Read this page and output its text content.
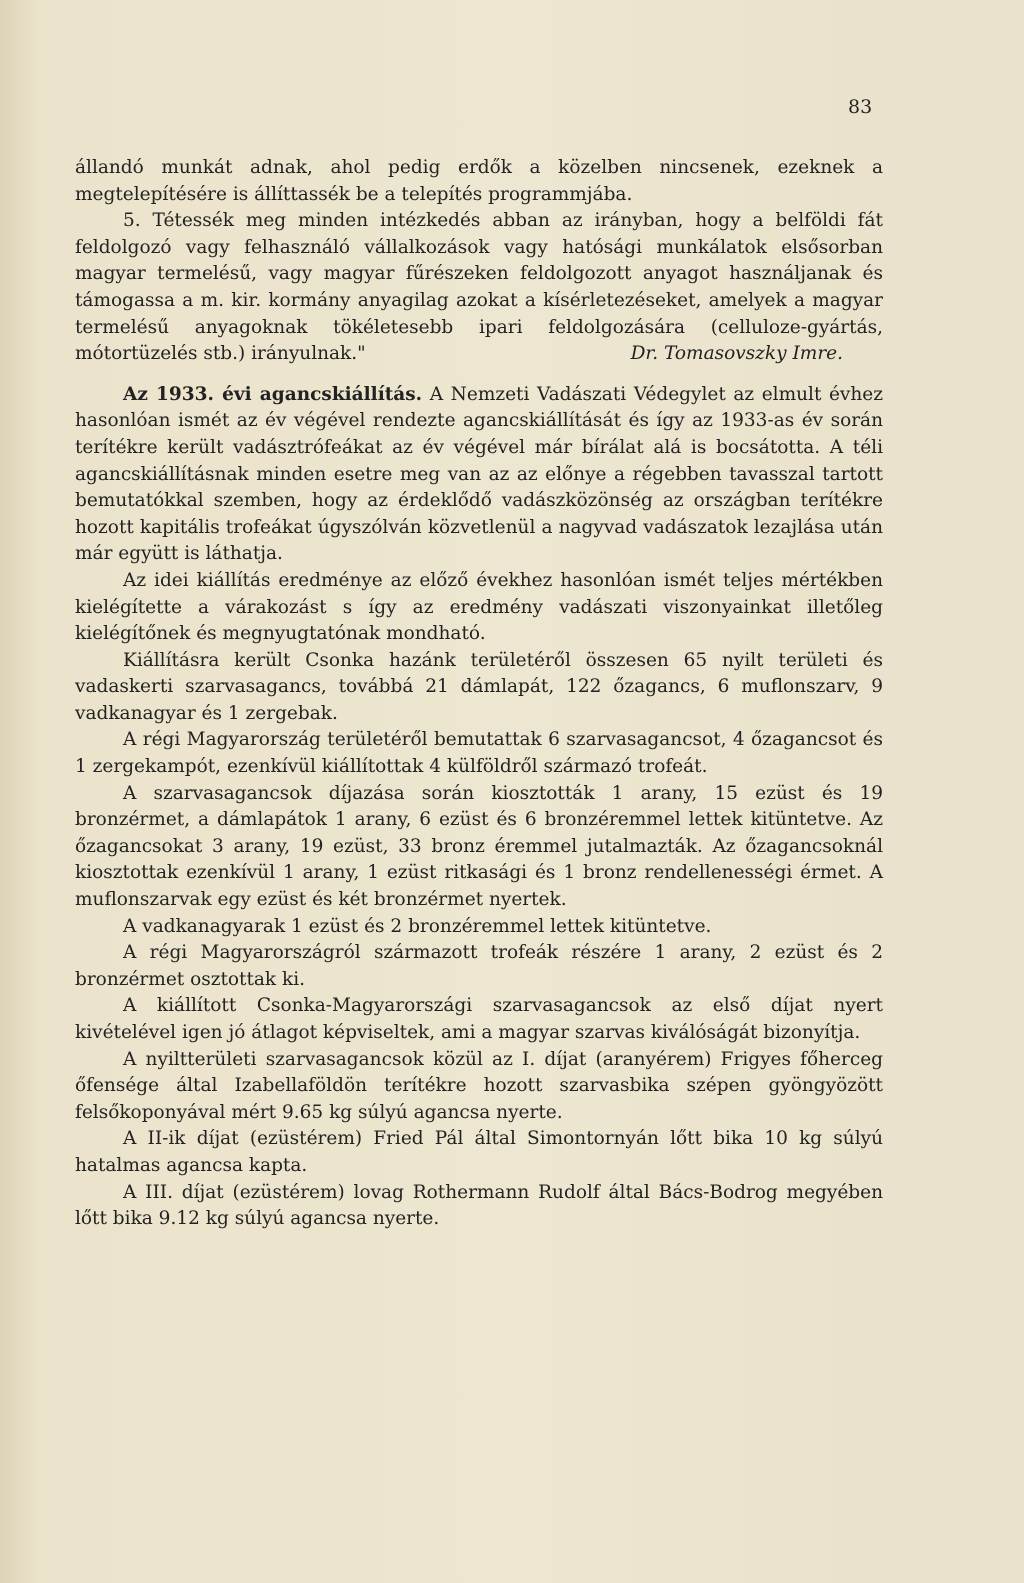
83

állandó munkát adnak, ahol pedig erdők a közelben nincsenek, ezeknek a megtelepítésére is állíttassék be a telepítés programmjába.

5. Tétessék meg minden intézkedés abban az irányban, hogy a belföldi fát feldolgozó vagy felhasználó vállalkozások vagy hatósági munkálatok elsősorban magyar termelésű, vagy magyar fűrészeken feldolgozott anyagot használjanak és támogassa a m. kir. kormány anyagilag azokat a kísérletezéseket, amelyek a magyar termelésű anyagoknak tökéletesebb ipari feldolgozására (celluloze-gyártás, mótortüzelés stb.) irányulnak."	Dr. Tomasovszky Imre.

Az 1933. évi agancskiállítás. A Nemzeti Vadászati Védegylet az elmult évhez hasonlóan ismét az év végével rendezte agancskiállítását és így az 1933-as év során terítékre került vadásztrófeákat az év végével már bírálat alá is bocsátotta. A téli agancskiállításnak minden esetre meg van az az előnye a régebben tavasszal tartott bemutatókkal szemben, hogy az érdeklődő vadászközönség az országban terítékre hozott kapitális trofeákat úgyszólván közvetlenül a nagyvad vadászatok lezajlása után már együtt is láthatja.

Az idei kiállítás eredménye az előző évekhez hasonlóan ismét teljes mértékben kielégítette a várakozást s így az eredmény vadászati viszonyainkat illetőleg kielégítőnek és megnyugtatónak mondható.

Kiállításra került Csonka hazánk területéről összesen 65 nyilt területi és vadaskerti szarvasagancs, továbbá 21 dámlapát, 122 őzagancs, 6 muflonszarv, 9 vadkanagyar és 1 zergebak.

A régi Magyarország területéről bemutattak 6 szarvasagancsot, 4 őzagancsot és 1 zergekampót, ezenkívül kiállítottak 4 külföldről származó trofeát.

A szarvasagancsok díjazása során kiosztották 1 arany, 15 ezüst és 19 bronzérmet, a dámlapátok 1 arany, 6 ezüst és 6 bronzéremmel lettek kitüntetve. Az őzagancsokat 3 arany, 19 ezüst, 33 bronz éremmel jutalmazták. Az őzagancsoknál kiosztottak ezenkívül 1 arany, 1 ezüst ritkasági és 1 bronz rendellenességi érmet. A muflonszarvak egy ezüst és két bronzérmet nyertek.

A vadkanagyarak 1 ezüst és 2 bronzéremmel lettek kitüntetve.

A régi Magyarországról származott trofeák részére 1 arany, 2 ezüst és 2 bronzérmet osztottak ki.

A kiállított Csonka-Magyarországi szarvasagancsok az első díjat nyert kivételével igen jó átlagot képviseltek, ami a magyar szarvas kiválóságát bizonyítja.

A nyiltterületi szarvasagancsok közül az I. díjat (aranyérem) Frigyes főherceg őfensége által Izabellaföldön terítékre hozott szarvasbika szépen gyöngyözött felsőkoponyával mért 9.65 kg súlyú agancsa nyerte.

A II-ik díjat (ezüstérem) Fried Pál által Simontornyán lőtt bika 10 kg súlyú hatalmas agancsa kapta.

A III. díjat (ezüstérem) lovag Rothermann Rudolf által Bács-Bodrog megyében lőtt bika 9.12 kg súlyú agancsa nyerte.
